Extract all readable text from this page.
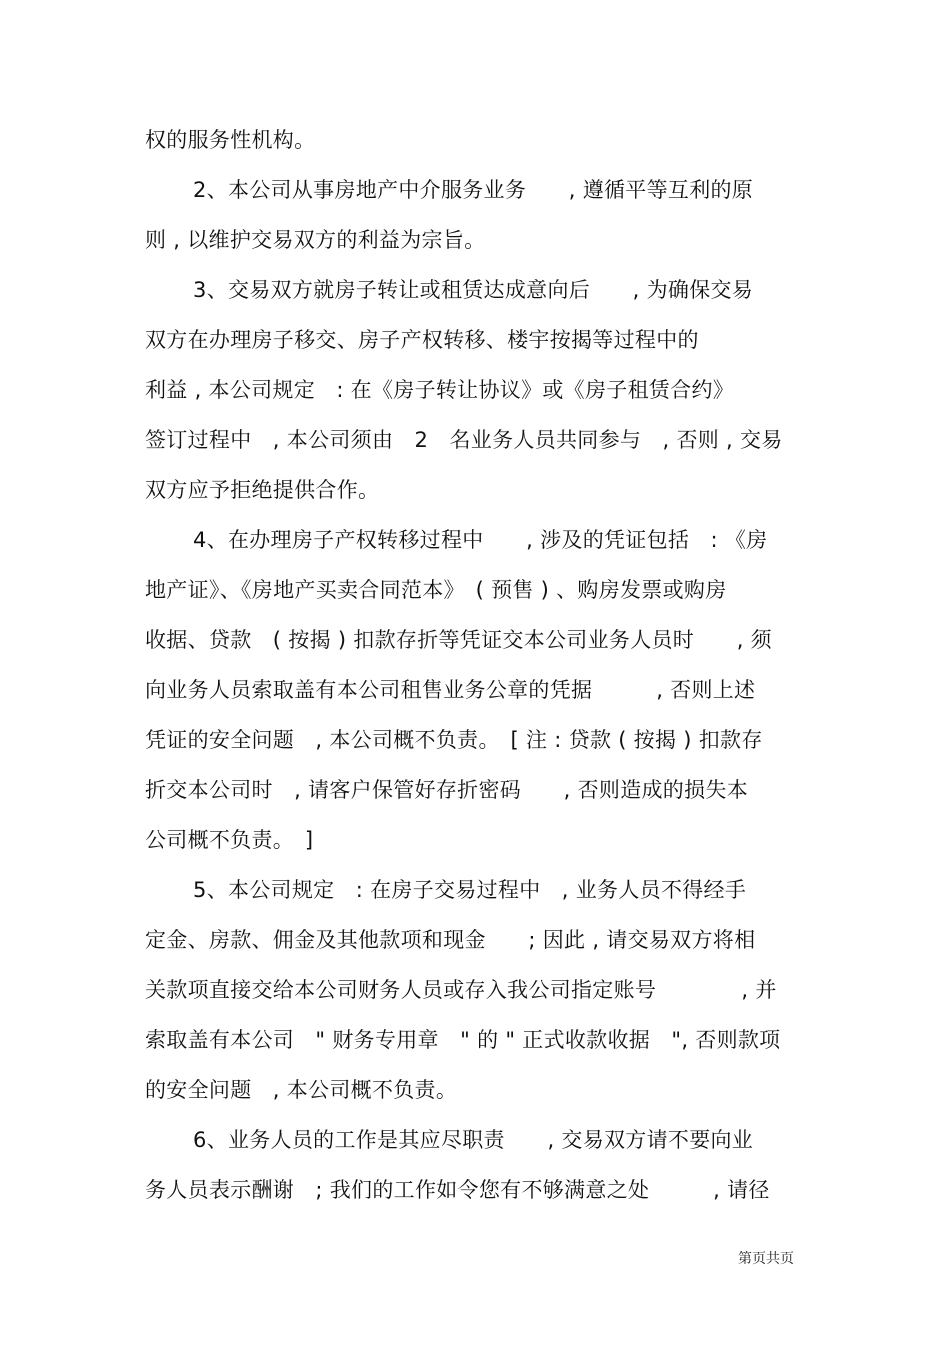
权的服务性机构。
2、本公司从事房地产中介服务业务　　, 遵循平等互利的原
则 , 以维护交易双方的利益为宗旨。
3、交易双方就房子转让或租赁达成意向后　　, 为确保交易
双方在办理房子移交、房子产权转移、楼宇按揭等过程中的
利益 , 本公司规定　: 在《房子转让协议》或《房子租赁合约》
签订过程中　, 本公司须由　2　名业务人员共同参与　, 否则 , 交易
双方应予拒绝提供合作。
4、在办理房子产权转移过程中　　, 涉及的凭证包括　: 《房
地产证》、《房地产买卖合同范本》　( 预售 ) 、购房发票或购房
收据、贷款　( 按揭 ) 扣款存折等凭证交本公司业务人员时　　, 须
向业务人员索取盖有本公司租售业务公章的凭据　　　, 否则上述
凭证的安全问题　, 本公司概不负责。　[ 注 : 贷款 ( 按揭 ) 扣款存
折交本公司时　, 请客户保管好存折密码　　, 否则造成的损失本
公司概不负责。　]
5、本公司规定　: 在房子交易过程中　, 业务人员不得经手
定金、房款、佣金及其他款项和现金　　; 因此 , 请交易双方将相
关款项直接交给本公司财务人员或存入我公司指定账号　　　　, 并
索取盖有本公司　" 财务专用章　" 的 " 正式收款收据　", 否则款项
的安全问题　, 本公司概不负责。
6、业务人员的工作是其应尽职责　　, 交易双方请不要向业
务人员表示酬谢　; 我们的工作如令您有不够满意之处　　　, 请径
第页共页
